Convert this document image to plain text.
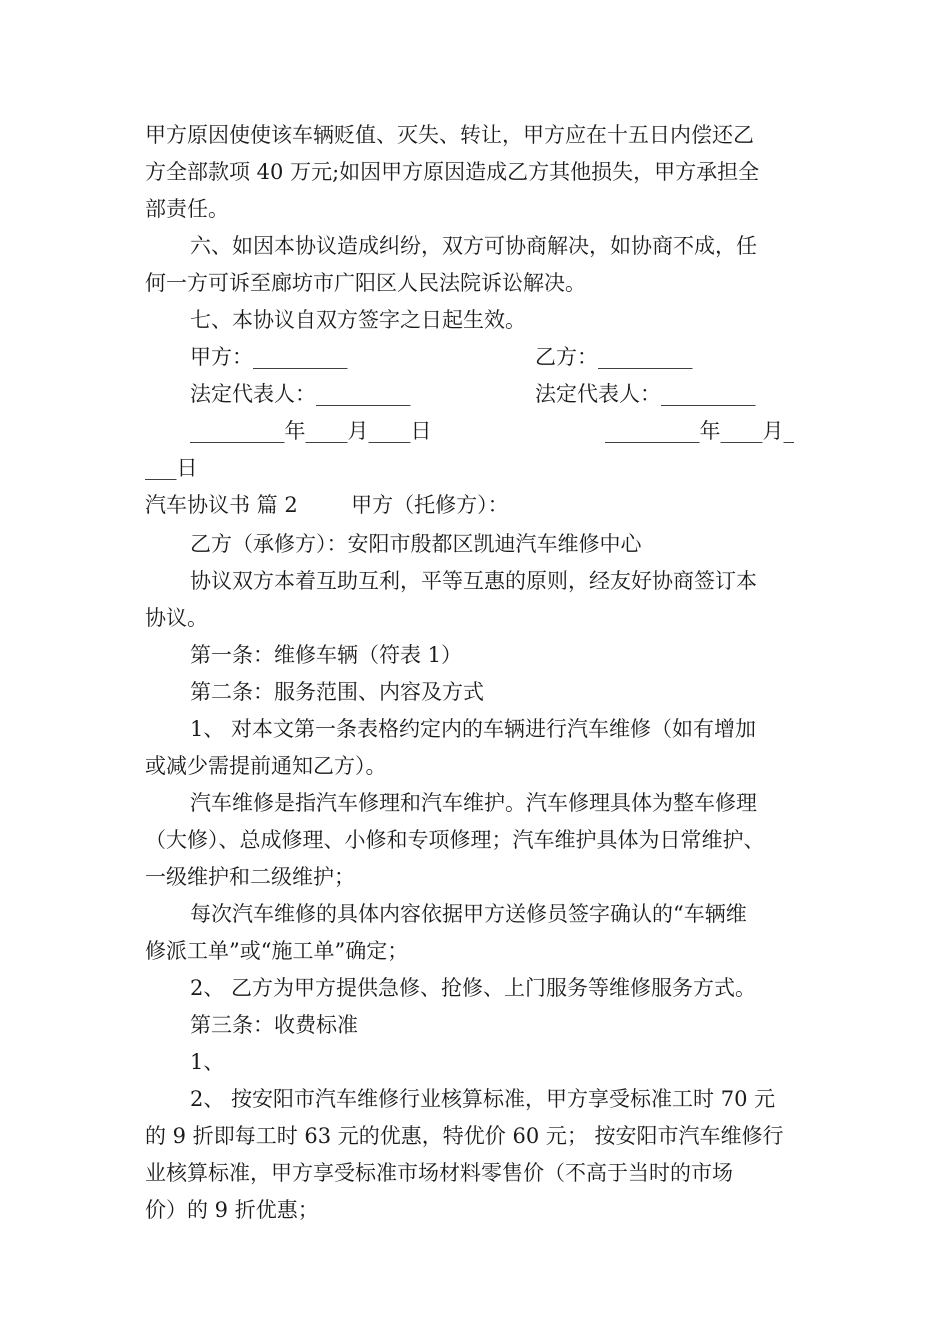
甲方原因使使该车辆贬值、灭失、转让，甲方应在十五日内偿还乙
方全部款项 40 万元;如因甲方原因造成乙方其他损失，甲方承担全
部责任。
六、如因本协议造成纠纷，双方可协商解决，如协商不成，任
何一方可诉至廊坊市广阳区人民法院诉讼解决。
七、本协议自双方签字之日起生效。
甲方：_________	乙方：_________
法定代表人：_________	法定代表人：_________
_________年____月____日	_________年____月_
___日
汽车协议书 篇 2        甲方（托修方）：
乙方（承修方）：安阳市殷都区凯迪汽车维修中心
协议双方本着互助互利，平等互惠的原则，经友好协商签订本
协议。
第一条：维修车辆（符表 1）
第二条：服务范围、内容及方式
1、 对本文第一条表格约定内的车辆进行汽车维修（如有增加
或减少需提前通知乙方）。
汽车维修是指汽车修理和汽车维护。汽车修理具体为整车修理
（大修）、总成修理、小修和专项修理；汽车维护具体为日常维护、
一级维护和二级维护；
每次汽车维修的具体内容依据甲方送修员签字确认的“车辆维
修派工单”或“施工单”确定；
2、 乙方为甲方提供急修、抢修、上门服务等维修服务方式。
第三条：收费标准
1、
2、 按安阳市汽车维修行业核算标准，甲方享受标准工时 70 元
的 9 折即每工时 63 元的优惠，特优价 60 元； 按安阳市汽车维修行
业核算标准，甲方享受标准市场材料零售价（不高于当时的市场
价）的 9 折优惠；
